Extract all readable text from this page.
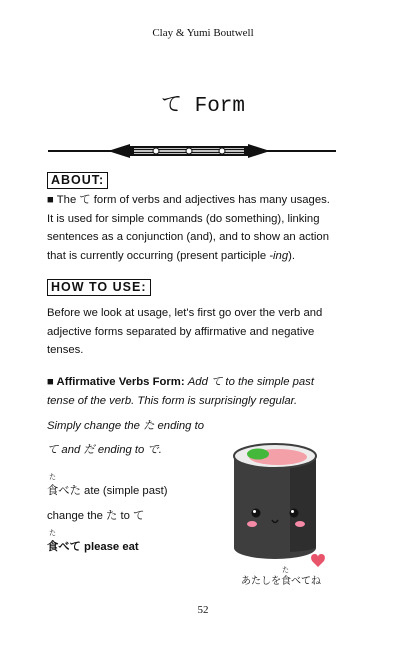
Clay & Yumi Boutwell
て Form
ABOUT:
■ The て form of verbs and adjectives has many usages.
It is used for simple commands (do something), linking
sentences as a conjunction (and), and to show an action
that is currently occurring (present participle -ing).
HOW TO USE:
Before we look at usage, let's first go over the verb and
adjective forms separated by affirmative and negative
tenses.
■ Affirmative Verbs Form: Add て to the simple past
tense of the verb. This form is surprisingly regular.
Simply change the た ending to
て and だ ending to で.
た
食べた ate (simple past)
change the た to て
た
食べて please eat
た
あたしを食べてね
52
